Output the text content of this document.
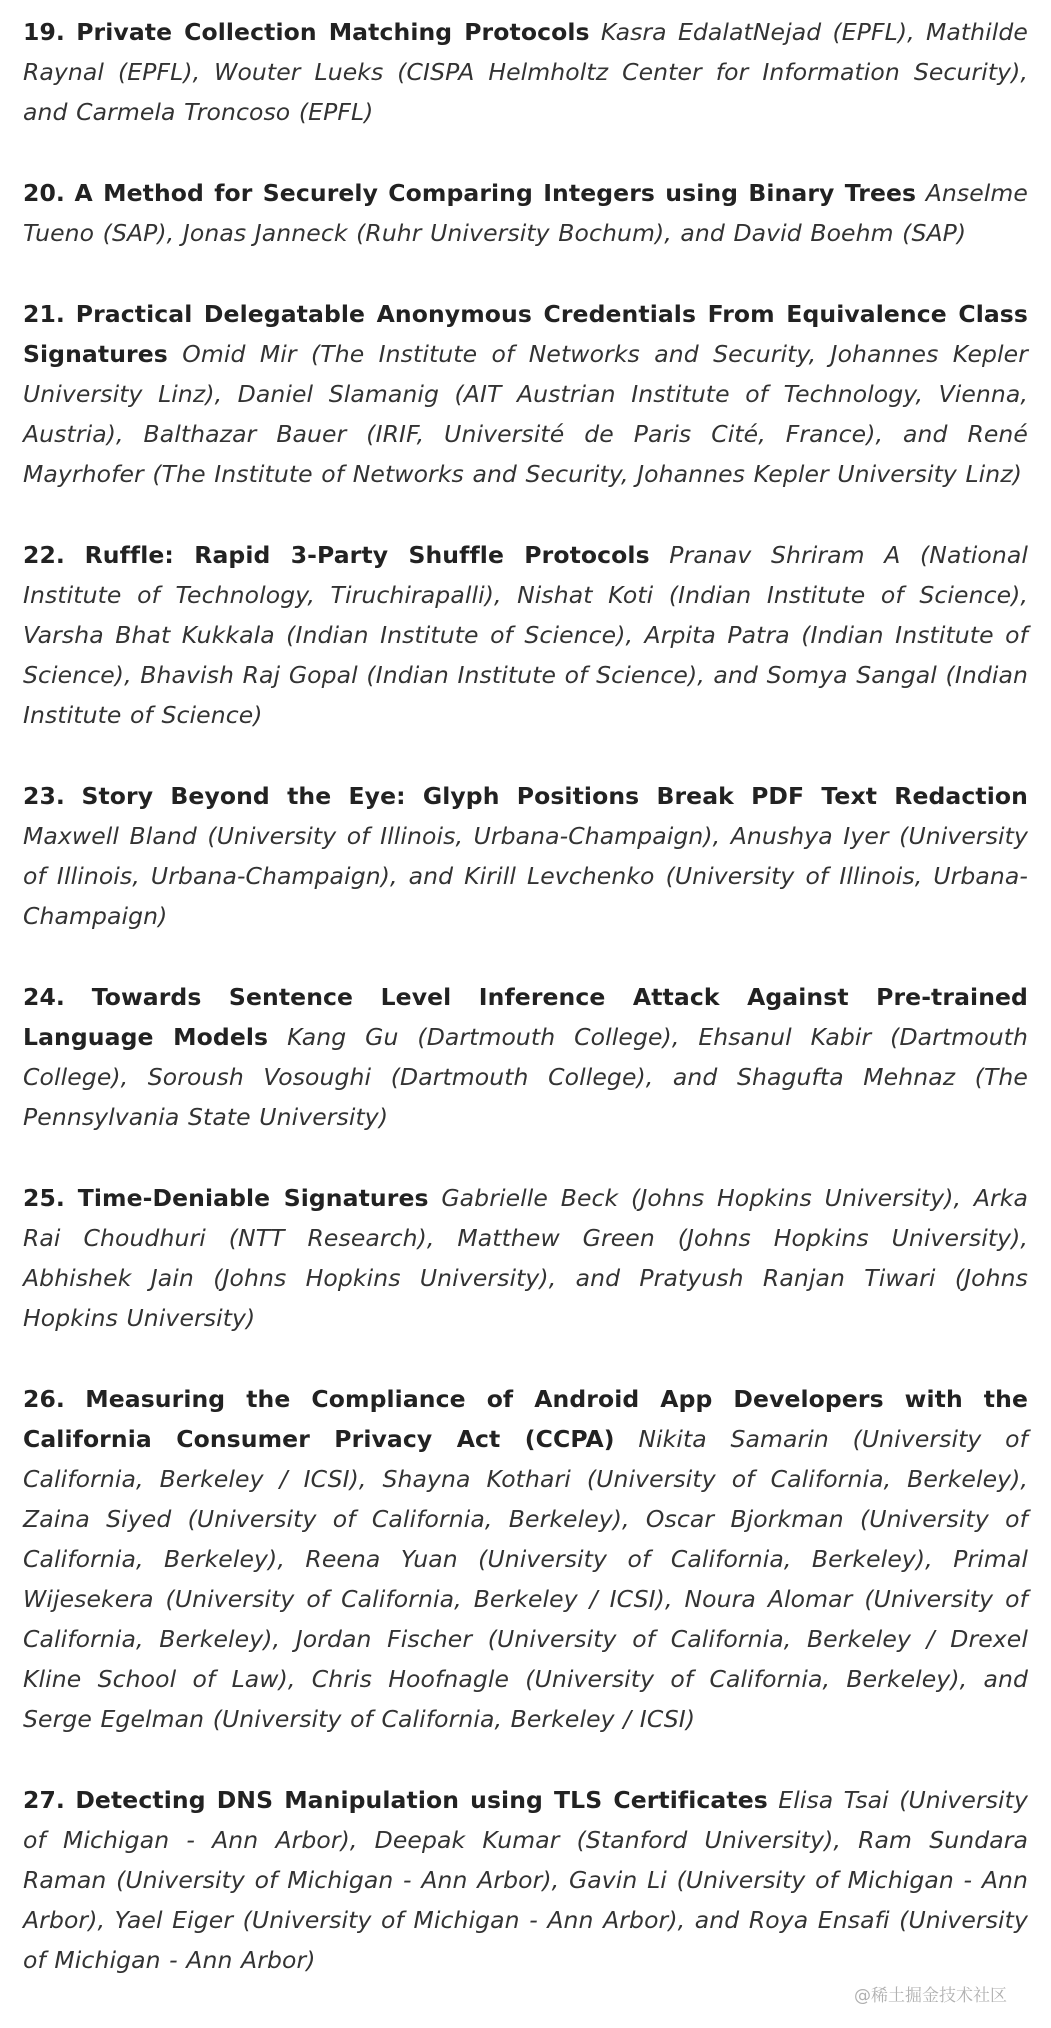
19. Private Collection Matching Protocols Kasra EdalatNejad (EPFL), Mathilde Raynal (EPFL), Wouter Lueks (CISPA Helmholtz Center for Information Security), and Carmela Troncoso (EPFL)

20. A Method for Securely Comparing Integers using Binary Trees Anselme Tueno (SAP), Jonas Janneck (Ruhr University Bochum), and David Boehm (SAP)

21. Practical Delegatable Anonymous Credentials From Equivalence Class Signatures Omid Mir (The Institute of Networks and Security, Johannes Kepler University Linz), Daniel Slamanig (AIT Austrian Institute of Technology, Vienna, Austria), Balthazar Bauer (IRIF, Université de Paris Cité, France), and René Mayrhofer (The Institute of Networks and Security, Johannes Kepler University Linz)

22. Ruffle: Rapid 3-Party Shuffle Protocols Pranav Shriram A (National Institute of Technology, Tiruchirapalli), Nishat Koti (Indian Institute of Science), Varsha Bhat Kukkala (Indian Institute of Science), Arpita Patra (Indian Institute of Science), Bhavish Raj Gopal (Indian Institute of Science), and Somya Sangal (Indian Institute of Science)

23. Story Beyond the Eye: Glyph Positions Break PDF Text Redaction Maxwell Bland (University of Illinois, Urbana-Champaign), Anushya Iyer (University of Illinois, Urbana-Champaign), and Kirill Levchenko (University of Illinois, Urbana-Champaign)

24. Towards Sentence Level Inference Attack Against Pre-trained Language Models Kang Gu (Dartmouth College), Ehsanul Kabir (Dartmouth College), Soroush Vosoughi (Dartmouth College), and Shagufta Mehnaz (The Pennsylvania State University)

25. Time-Deniable Signatures Gabrielle Beck (Johns Hopkins University), Arka Rai Choudhuri (NTT Research), Matthew Green (Johns Hopkins University), Abhishek Jain (Johns Hopkins University), and Pratyush Ranjan Tiwari (Johns Hopkins University)

26. Measuring the Compliance of Android App Developers with the California Consumer Privacy Act (CCPA) Nikita Samarin (University of California, Berkeley / ICSI), Shayna Kothari (University of California, Berkeley), Zaina Siyed (University of California, Berkeley), Oscar Bjorkman (University of California, Berkeley), Reena Yuan (University of California, Berkeley), Primal Wijesekera (University of California, Berkeley / ICSI), Noura Alomar (University of California, Berkeley), Jordan Fischer (University of California, Berkeley / Drexel Kline School of Law), Chris Hoofnagle (University of California, Berkeley), and Serge Egelman (University of California, Berkeley / ICSI)

27. Detecting DNS Manipulation using TLS Certificates Elisa Tsai (University of Michigan - Ann Arbor), Deepak Kumar (Stanford University), Ram Sundara Raman (University of Michigan - Ann Arbor), Gavin Li (University of Michigan - Ann Arbor), Yael Eiger (University of Michigan - Ann Arbor), and Roya Ensafi (University of Michigan - Ann Arbor)

@稀土掘金技术社区
